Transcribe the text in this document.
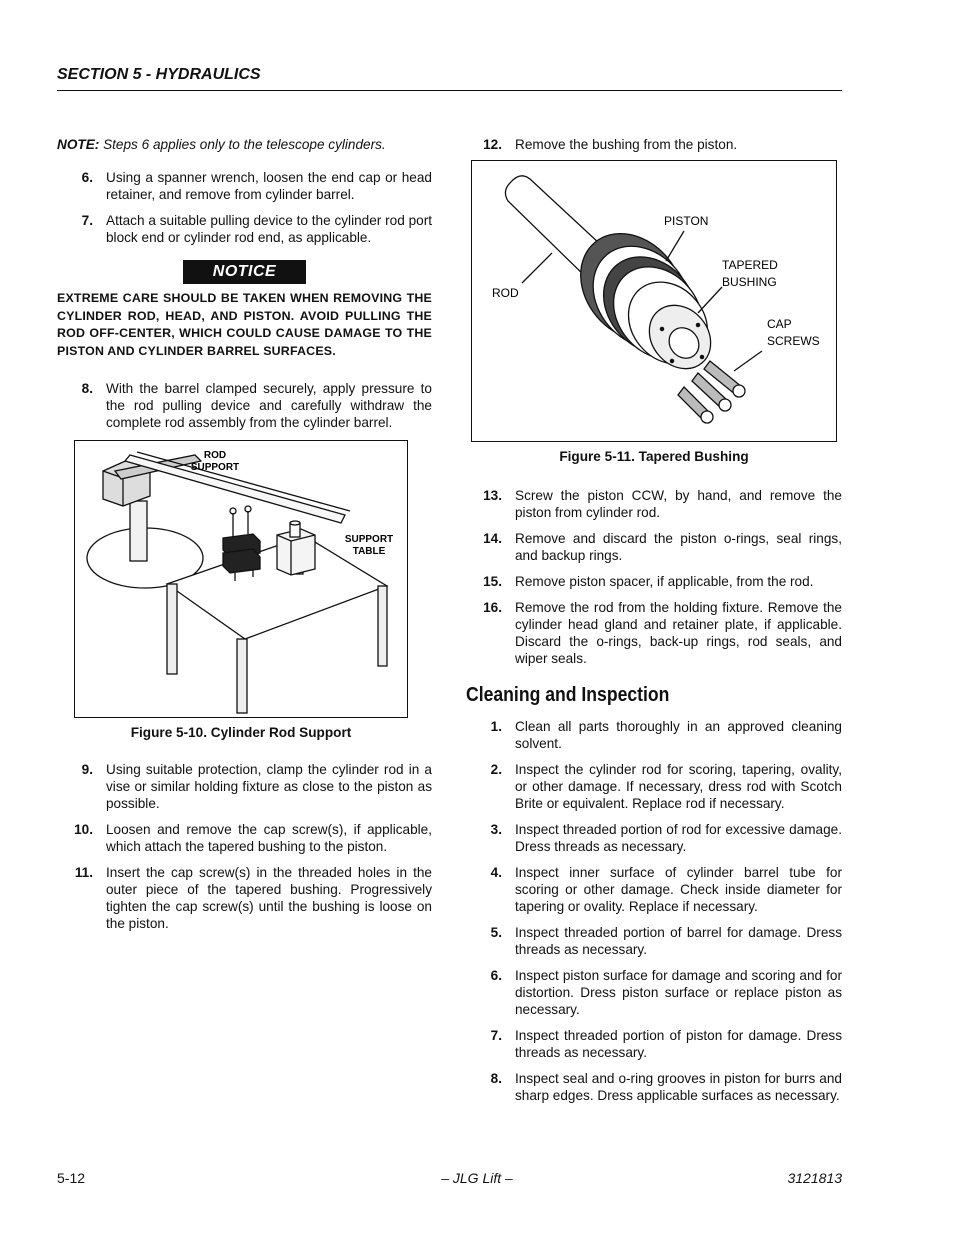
SECTION 5 - HYDRAULICS
NOTE: Steps 6 applies only to the telescope cylinders.
6. Using a spanner wrench, loosen the end cap or head retainer, and remove from cylinder barrel.
7. Attach a suitable pulling device to the cylinder rod port block end or cylinder rod end, as applicable.
NOTICE
EXTREME CARE SHOULD BE TAKEN WHEN REMOVING THE CYLINDER ROD, HEAD, AND PISTON. AVOID PULLING THE ROD OFF-CENTER, WHICH COULD CAUSE DAMAGE TO THE PISTON AND CYLINDER BARREL SURFACES.
8. With the barrel clamped securely, apply pressure to the rod pulling device and carefully withdraw the complete rod assembly from the cylinder barrel.
ROD
SUPPORT
SUPPORT
TABLE
Figure 5-10. Cylinder Rod Support
9. Using suitable protection, clamp the cylinder rod in a vise or similar holding fixture as close to the piston as possible.
10. Loosen and remove the cap screw(s), if applicable, which attach the tapered bushing to the piston.
11. Insert the cap screw(s) in the threaded holes in the outer piece of the tapered bushing. Progressively tighten the cap screw(s) until the bushing is loose on the piston.
12. Remove the bushing from the piston.
PISTON
TAPERED
BUSHING
ROD
CAP
SCREWS
Figure 5-11. Tapered Bushing
13. Screw the piston CCW, by hand, and remove the piston from cylinder rod.
14. Remove and discard the piston o-rings, seal rings, and backup rings.
15. Remove piston spacer, if applicable, from the rod.
16. Remove the rod from the holding fixture. Remove the cylinder head gland and retainer plate, if applicable. Discard the o-rings, back-up rings, rod seals, and wiper seals.
Cleaning and Inspection
1. Clean all parts thoroughly in an approved cleaning solvent.
2. Inspect the cylinder rod for scoring, tapering, ovality, or other damage. If necessary, dress rod with Scotch Brite or equivalent. Replace rod if necessary.
3. Inspect threaded portion of rod for excessive damage. Dress threads as necessary.
4. Inspect inner surface of cylinder barrel tube for scoring or other damage. Check inside diameter for tapering or ovality. Replace if necessary.
5. Inspect threaded portion of barrel for damage. Dress threads as necessary.
6. Inspect piston surface for damage and scoring and for distortion. Dress piston surface or replace piston as necessary.
7. Inspect threaded portion of piston for damage. Dress threads as necessary.
8. Inspect seal and o-ring grooves in piston for burrs and sharp edges. Dress applicable surfaces as necessary.
5-12	– JLG Lift –	3121813
